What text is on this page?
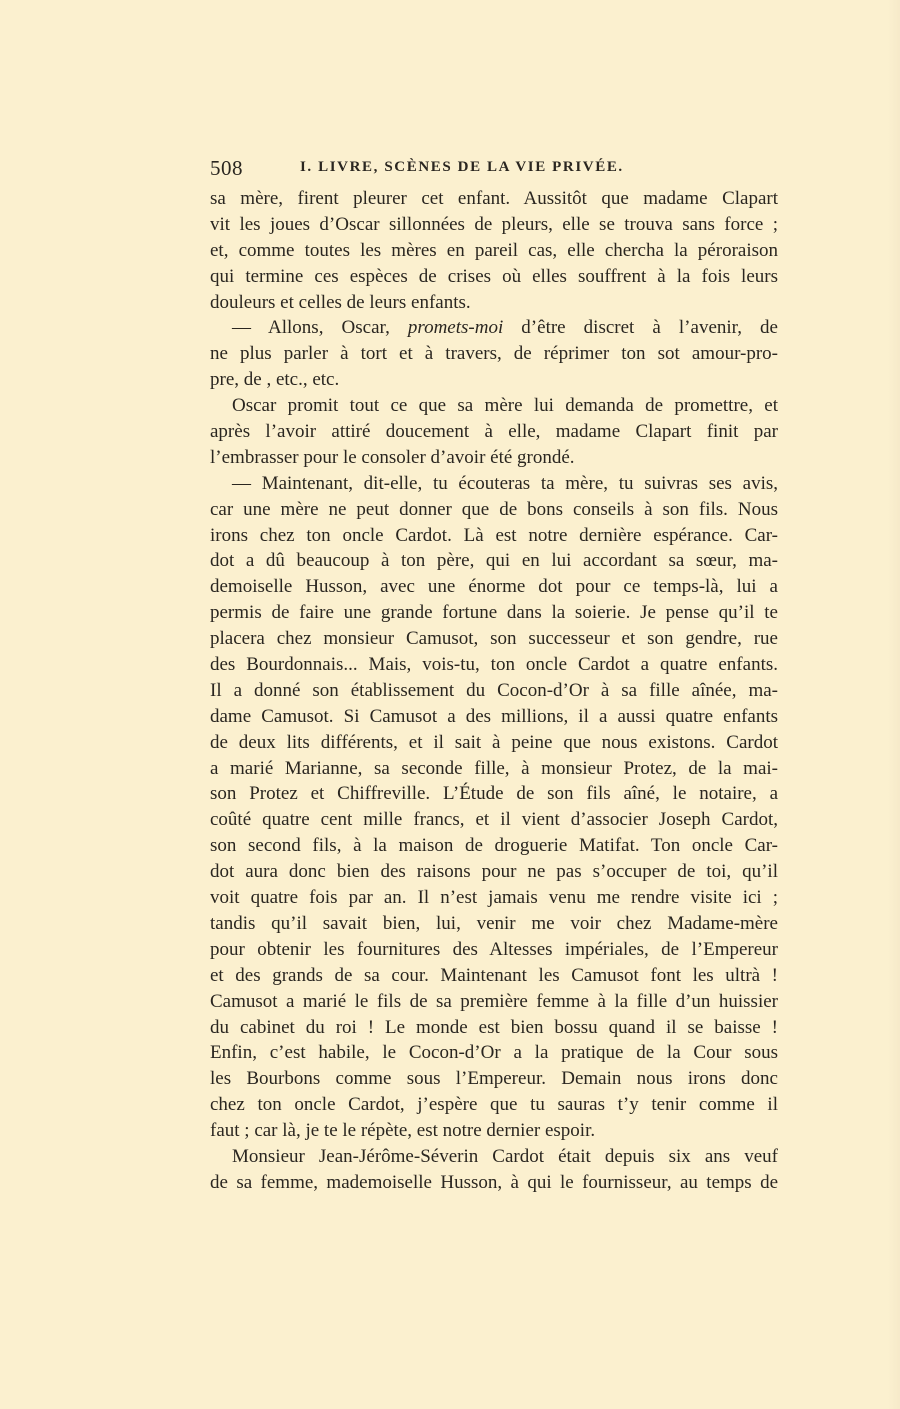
508	I. LIVRE, SCÈNES DE LA VIE PRIVÉE.
sa mère, firent pleurer cet enfant. Aussitôt que madame Clapart
vit les joues d’Oscar sillonnées de pleurs, elle se trouva sans force ;
et, comme toutes les mères en pareil cas, elle chercha la péroraison
qui termine ces espèces de crises où elles souffrent à la fois leurs
douleurs et celles de leurs enfants.
— Allons, Oscar, promets-moi d’être discret à l’avenir, de
ne plus parler à tort et à travers, de réprimer ton sot amour-pro-
pre, de , etc., etc.
Oscar promit tout ce que sa mère lui demanda de promettre, et
après l’avoir attiré doucement à elle, madame Clapart finit par
l’embrasser pour le consoler d’avoir été grondé.
— Maintenant, dit-elle, tu écouteras ta mère, tu suivras ses avis,
car une mère ne peut donner que de bons conseils à son fils. Nous
irons chez ton oncle Cardot. Là est notre dernière espérance. Car-
dot a dû beaucoup à ton père, qui en lui accordant sa sœur, ma-
demoiselle Husson, avec une énorme dot pour ce temps-là, lui a
permis de faire une grande fortune dans la soierie. Je pense qu’il te
placera chez monsieur Camusot, son successeur et son gendre, rue
des Bourdonnais... Mais, vois-tu, ton oncle Cardot a quatre enfants.
Il a donné son établissement du Cocon-d’Or à sa fille aînée, ma-
dame Camusot. Si Camusot a des millions, il a aussi quatre enfants
de deux lits différents, et il sait à peine que nous existons. Cardot
a marié Marianne, sa seconde fille, à monsieur Protez, de la mai-
son Protez et Chiffreville. L’Étude de son fils aîné, le notaire, a
coûté quatre cent mille francs, et il vient d’associer Joseph Cardot,
son second fils, à la maison de droguerie Matifat. Ton oncle Car-
dot aura donc bien des raisons pour ne pas s’occuper de toi, qu’il
voit quatre fois par an. Il n’est jamais venu me rendre visite ici ;
tandis qu’il savait bien, lui, venir me voir chez Madame-mère
pour obtenir les fournitures des Altesses impériales, de l’Empereur
et des grands de sa cour. Maintenant les Camusot font les ultrà !
Camusot a marié le fils de sa première femme à la fille d’un huissier
du cabinet du roi ! Le monde est bien bossu quand il se baisse !
Enfin, c’est habile, le Cocon-d’Or a la pratique de la Cour sous
les Bourbons comme sous l’Empereur. Demain nous irons donc
chez ton oncle Cardot, j’espère que tu sauras t’y tenir comme il
faut ; car là, je te le répète, est notre dernier espoir.
Monsieur Jean-Jérôme-Séverin Cardot était depuis six ans veuf
de sa femme, mademoiselle Husson, à qui le fournisseur, au temps de
